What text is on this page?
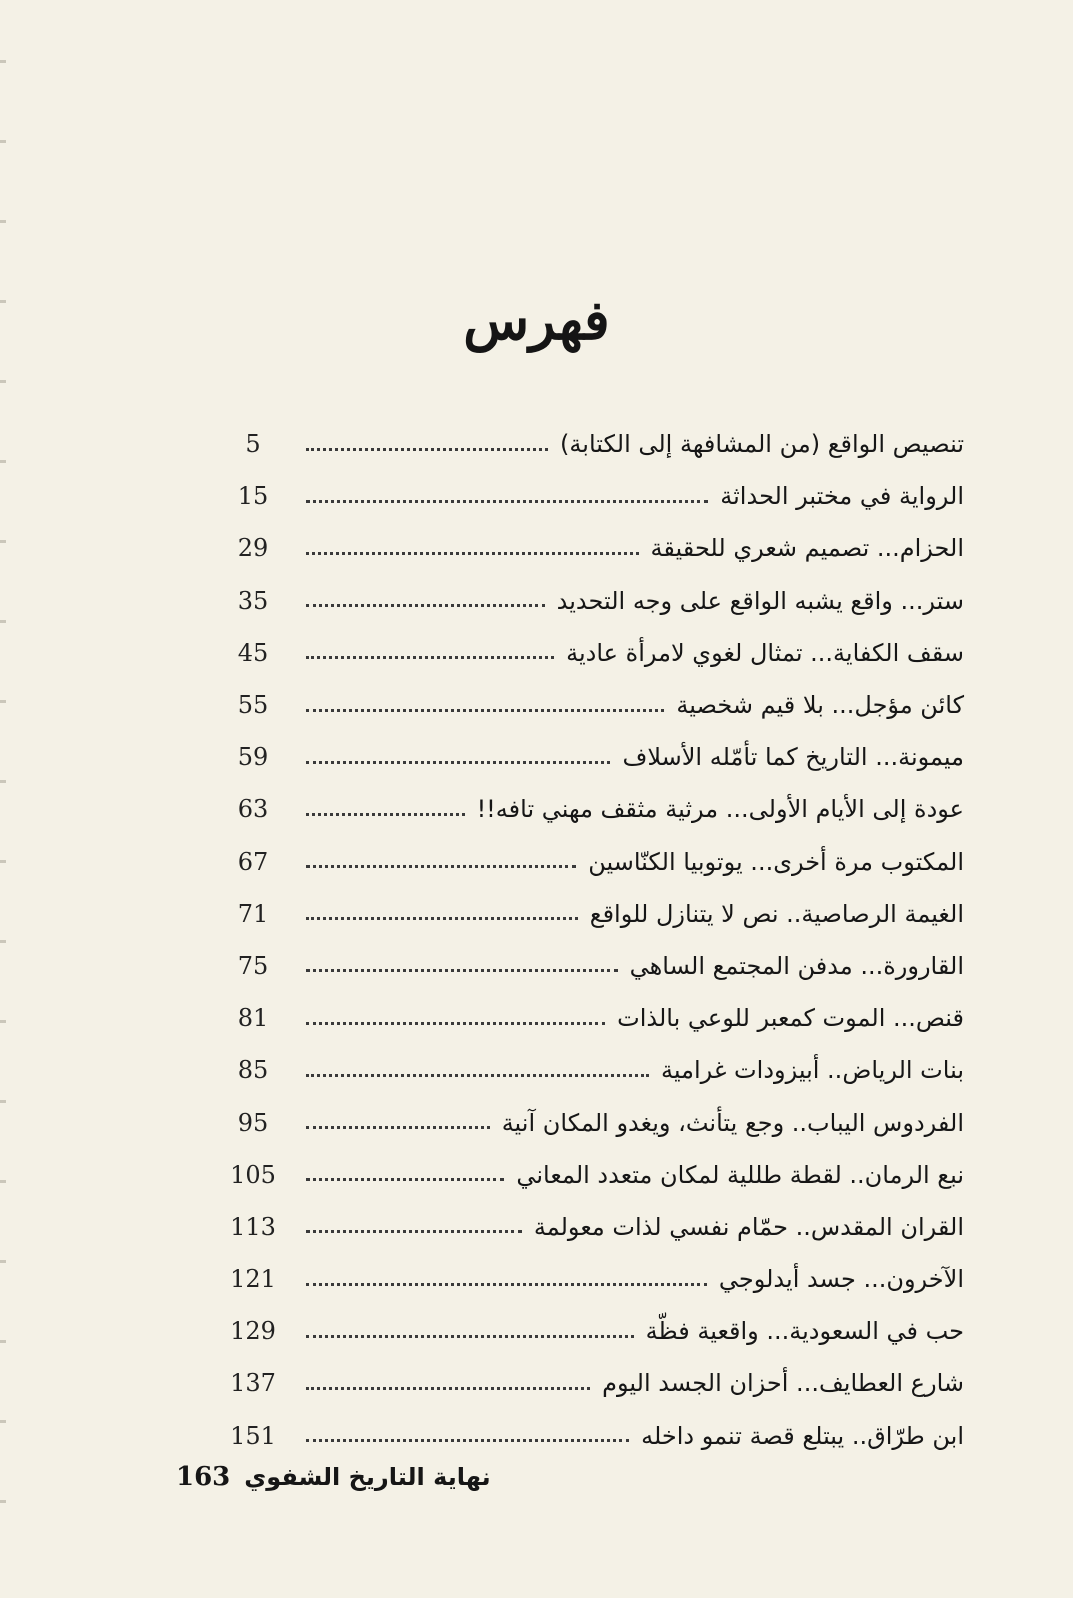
فهرس
5	تنصيص الواقع (من المشافهة إلى الكتابة)
15	الرواية في مختبر الحداثة
29	الحزام... تصميم شعري للحقيقة
35	ستر... واقع يشبه الواقع على وجه التحديد
45	سقف الكفاية... تمثال لغوي لامرأة عادية
55	كائن مؤجل... بلا قيم شخصية
59	ميمونة... التاريخ كما تأمّله الأسلاف
63	عودة إلى الأيام الأولى... مرثية مثقف مهني تافه!!
67	المكتوب مرة أخرى... يوتوبيا الكنّاسين
71	الغيمة الرصاصية.. نص لا يتنازل للواقع
75	القارورة... مدفن المجتمع الساهي
81	قنص... الموت كمعبر للوعي بالذات
85	بنات الرياض.. أبيزودات غرامية
95	الفردوس اليباب.. وجع يتأنث، ويغدو المكان آنية
105	نبع الرمان.. لقطة طللية لمكان متعدد المعاني
113	القران المقدس.. حمّام نفسي لذات معولمة
121	الآخرون... جسد أيدلوجي
129	حب في السعودية... واقعية فظّة
137	شارع العطايف... أحزان الجسد اليوم
151	ابن طرّاق.. يبتلع قصة تنمو داخله
163 نهاية التاريخ الشفوي
